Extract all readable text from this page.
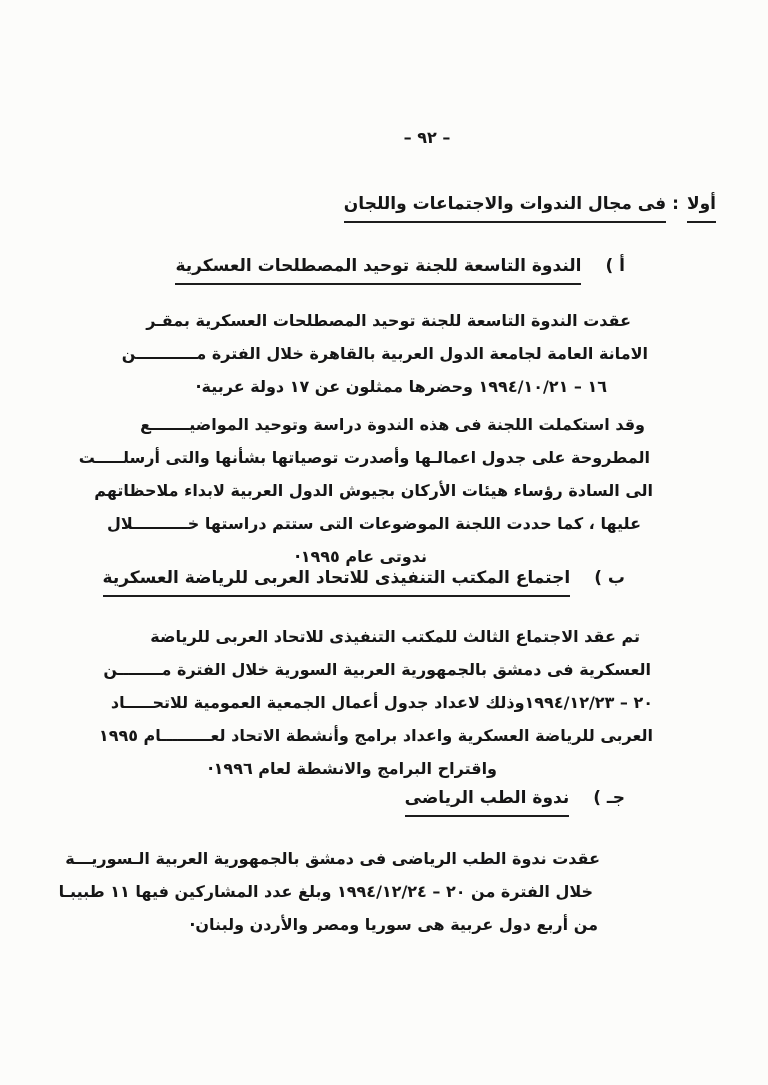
– ٩٢ –
أولا
:
فى مجال الندوات والاجتماعات واللجان
أ )
الندوة التاسعة للجنة توحيد المصطلحات العسكرية
عقدت الندوة التاسعة للجنة توحيد المصطلحات العسكرية بمقـر
الامانة العامة لجامعة الدول العربية بالقاهرة خلال الفترة مـــــــــــن
١٦ – ١٩٩٤/١٠/٢١ وحضرها ممثلون عن ١٧ دولة عربية·
وقد استكملت اللجنة فى هذه الندوة دراسة وتوحيد المواضيـــــــع
المطروحة على جدول اعمالـها وأصدرت توصياتها بشأنها والتى أرسلـــــت
الى السادة رؤساء هيئات الأركان بجيوش الدول العربية لابداء ملاحظاتهم
عليها ، كما حددت اللجنة الموضوعات التى ستتم دراستها خــــــــــلال
ندوتى عام ١٩٩٥·
ب )
اجتماع المكتب التنفيذى للاتحاد العربى للرياضة العسكرية
تم عقد الاجتماع الثالث للمكتب التنفيذى للاتحاد العربى للرياضة
العسكرية فى دمشق بالجمهورية العربية السورية خلال الفترة مــــــــن
٢٠ – ١٩٩٤/١٢/٢٣وذلك لاعداد جدول أعمال الجمعية العمومية للاتحـــــاد
العربى للرياضة العسكرية واعداد برامج وأنشطة الاتحاد لعـــــــــام ١٩٩٥
واقتراح البرامج والانشطة لعام ١٩٩٦·
جـ )
ندوة الطب الرياضى
عقدت ندوة الطب الرياضى فى دمشق بالجمهورية العربية الـسوريـــة
خلال الفترة من ٢٠ – ١٩٩٤/١٢/٢٤ وبلغ عدد المشاركين فيها ١١ طبيبـا
من أربع دول عربية هى سوريا ومصر والأردن ولبنان·
